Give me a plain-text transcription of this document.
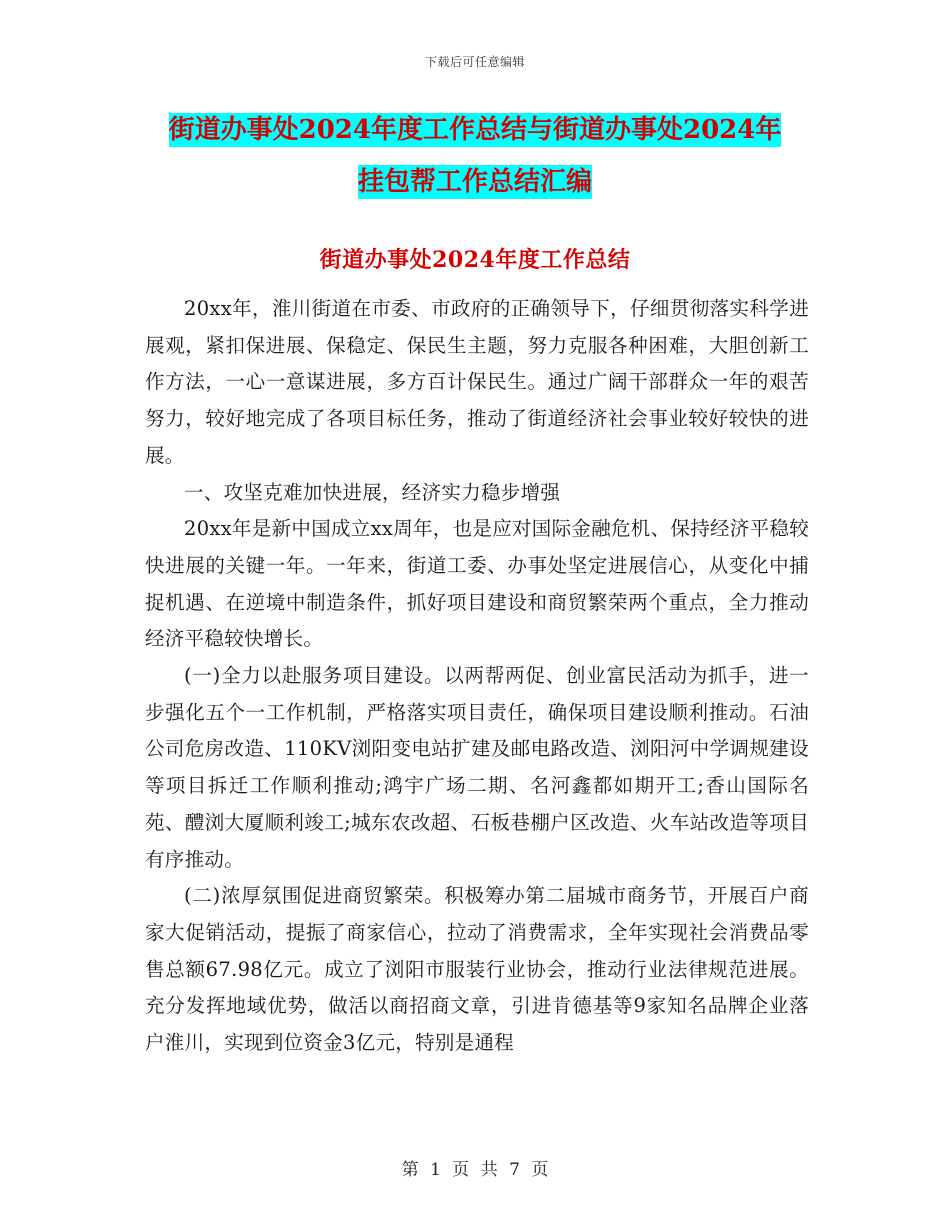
下载后可任意编辑
街道办事处2024年度工作总结与街道办事处2024年
挂包帮工作总结汇编
街道办事处2024年度工作总结

20xx年，淮川街道在市委、市政府的正确领导下，仔细贯彻落实科学进展观，紧扣保进展、保稳定、保民生主题，努力克服各种困难，大胆创新工作方法，一心一意谋进展，多方百计保民生。通过广阔干部群众一年的艰苦努力，较好地完成了各项目标任务，推动了街道经济社会事业较好较快的进展。

一、攻坚克难加快进展，经济实力稳步增强

20xx年是新中国成立xx周年，也是应对国际金融危机、保持经济平稳较快进展的关键一年。一年来，街道工委、办事处坚定进展信心，从变化中捕捉机遇、在逆境中制造条件，抓好项目建设和商贸繁荣两个重点，全力推动经济平稳较快增长。

(一)全力以赴服务项目建设。以两帮两促、创业富民活动为抓手，进一步强化五个一工作机制，严格落实项目责任，确保项目建设顺利推动。石油公司危房改造、110KV浏阳变电站扩建及邮电路改造、浏阳河中学调规建设等项目拆迁工作顺利推动;鸿宇广场二期、名河鑫都如期开工;香山国际名苑、醴浏大厦顺利竣工;城东农改超、石板巷棚户区改造、火车站改造等项目有序推动。

(二)浓厚氛围促进商贸繁荣。积极筹办第二届城市商务节，开展百户商家大促销活动，提振了商家信心，拉动了消费需求，全年实现社会消费品零售总额67.98亿元。成立了浏阳市服装行业协会，推动行业法律规范进展。充分发挥地域优势，做活以商招商文章，引进肯德基等9家知名品牌企业落户淮川，实现到位资金3亿元，特别是通程

第 1 页 共 7 页
